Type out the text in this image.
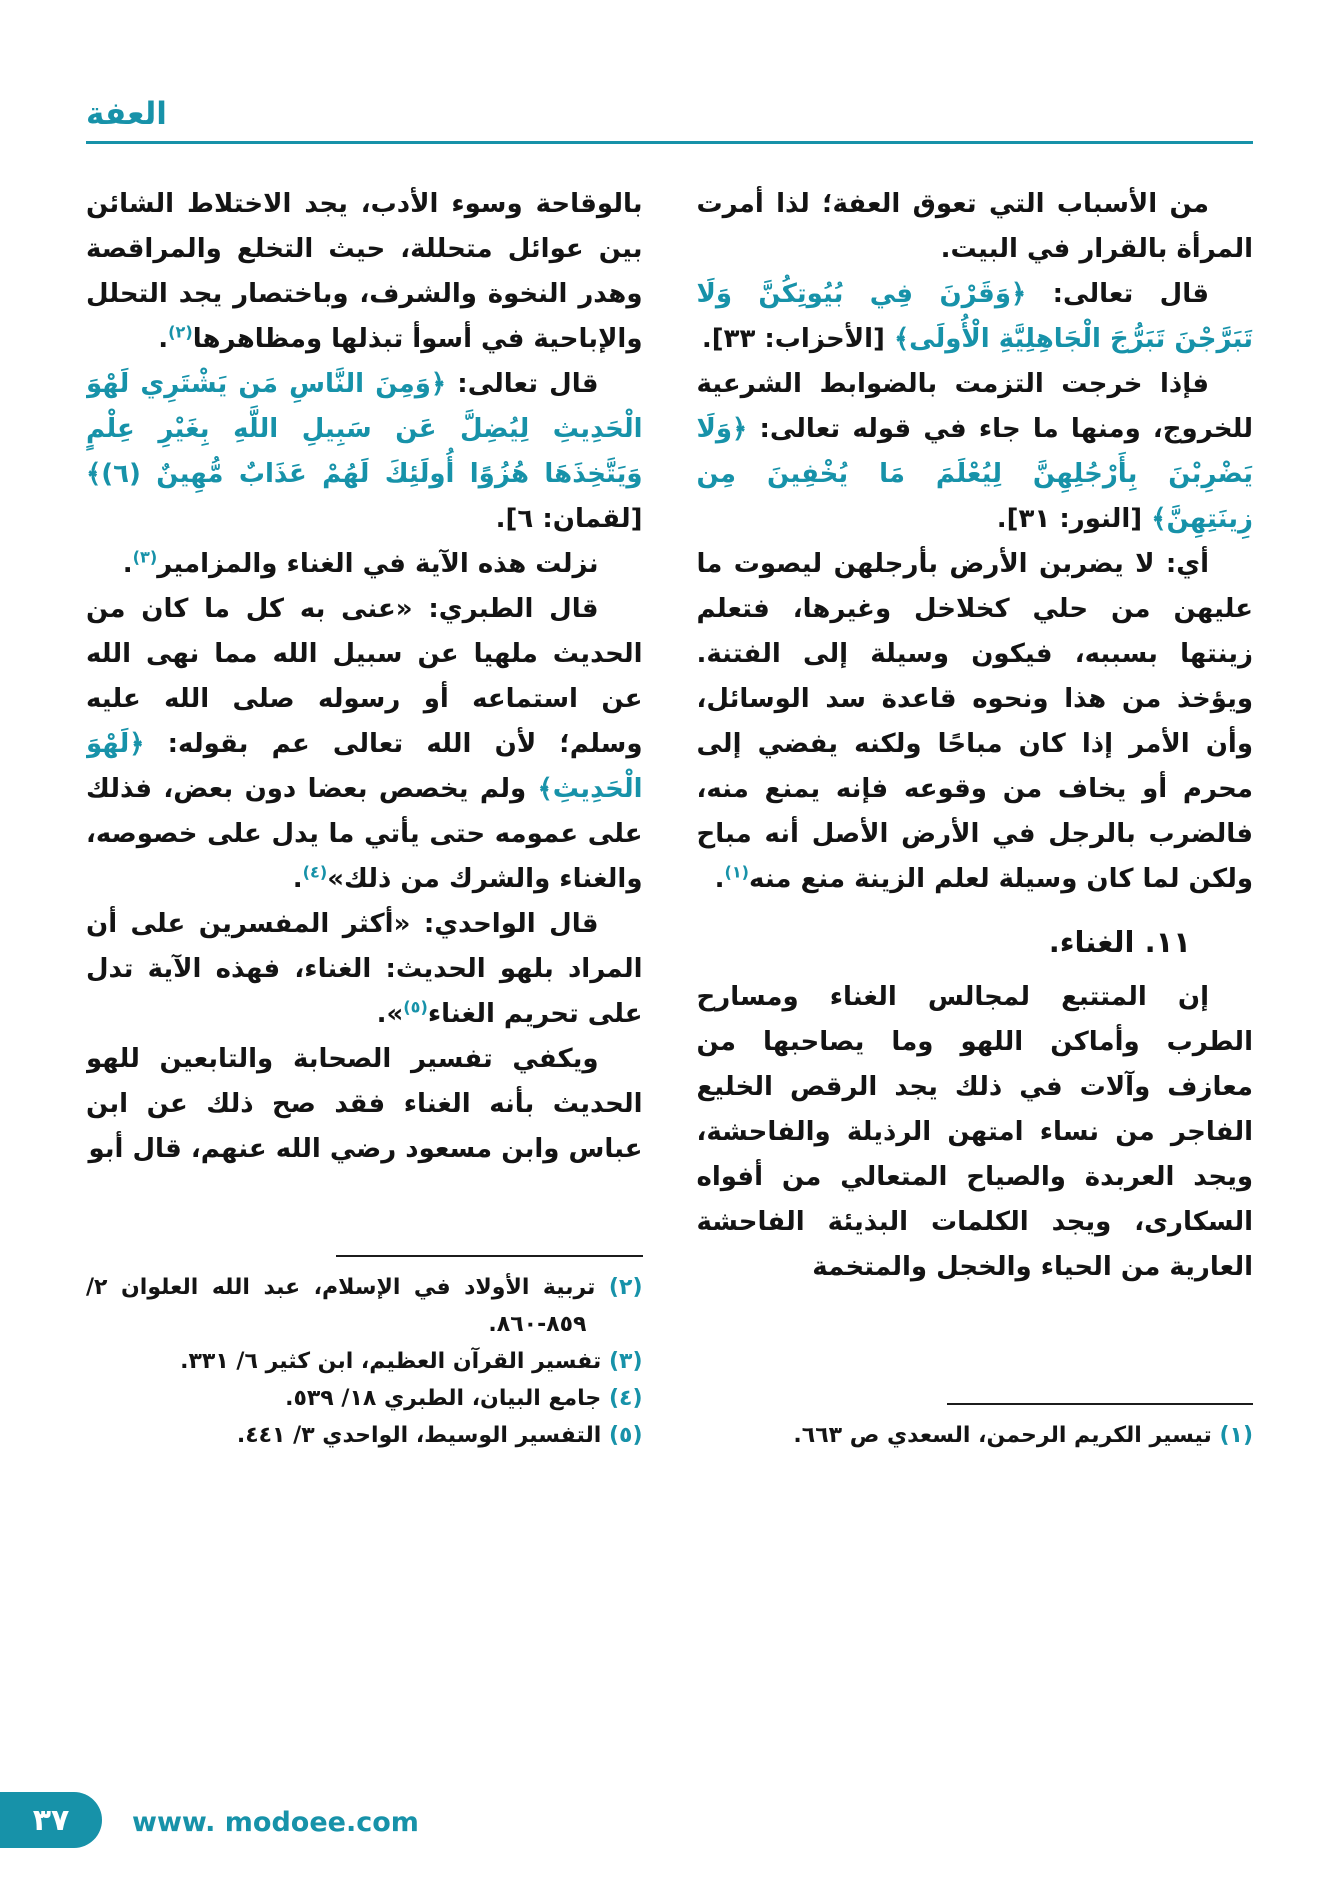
العفة

من الأسباب التي تعوق العفة؛ لذا أمرت المرأة بالقرار في البيت.

قال تعالى: ﴿وَقَرْنَ فِي بُيُوتِكُنَّ وَلَا تَبَرَّجْنَ تَبَرُّجَ الْجَاهِلِيَّةِ الْأُولَى﴾ [الأحزاب: ٣٣].

فإذا خرجت التزمت بالضوابط الشرعية للخروج، ومنها ما جاء في قوله تعالى: ﴿وَلَا يَضْرِبْنَ بِأَرْجُلِهِنَّ لِيُعْلَمَ مَا يُخْفِينَ مِن زِينَتِهِنَّ﴾ [النور: ٣١].

أي: لا يضربن الأرض بأرجلهن ليصوت ما عليهن من حلي كخلاخل وغيرها، فتعلم زينتها بسببه، فيكون وسيلة إلى الفتنة. ويؤخذ من هذا ونحوه قاعدة سد الوسائل، وأن الأمر إذا كان مباحًا ولكنه يفضي إلى محرم أو يخاف من وقوعه فإنه يمنع منه، فالضرب بالرجل في الأرض الأصل أنه مباح ولكن لما كان وسيلة لعلم الزينة منع منه$^{(١)}$.

١١. الغناء.

إن المتتبع لمجالس الغناء ومسارح الطرب وأماكن اللهو وما يصاحبها من معازف وآلات في ذلك يجد الرقص الخليع الفاجر من نساء امتهن الرذيلة والفاحشة، ويجد العربدة والصياح المتعالي من أفواه السكارى، ويجد الكلمات البذيئة الفاحشة العارية من الحياء والخجل والمتخمة

(١) تيسير الكريم الرحمن، السعدي ص ٦٦٣.

بالوقاحة وسوء الأدب، يجد الاختلاط الشائن بين عوائل متحللة، حيث التخلع والمراقصة وهدر النخوة والشرف، وباختصار يجد التحلل والإباحية في أسوأ تبذلها ومظاهرها$^{(٢)}$.

قال تعالى: ﴿وَمِنَ النَّاسِ مَن يَشْتَرِي لَهْوَ الْحَدِيثِ لِيُضِلَّ عَن سَبِيلِ اللَّهِ بِغَيْرِ عِلْمٍ وَيَتَّخِذَهَا هُزُوًا أُولَئِكَ لَهُمْ عَذَابٌ مُّهِينٌ (٦)﴾ [لقمان: ٦].

نزلت هذه الآية في الغناء والمزامير$^{(٣)}$.

قال الطبري: «عنى به كل ما كان من الحديث ملهيا عن سبيل الله مما نهى الله عن استماعه أو رسوله صلى الله عليه وسلم؛ لأن الله تعالى عم بقوله: ﴿لَهْوَ الْحَدِيثِ﴾ ولم يخصص بعضا دون بعض، فذلك على عمومه حتى يأتي ما يدل على خصوصه، والغناء والشرك من ذلك»$^{(٤)}$.

قال الواحدي: «أكثر المفسرين على أن المراد بلهو الحديث: الغناء، فهذه الآية تدل على تحريم الغناء$^{(٥)}$».

ويكفي تفسير الصحابة والتابعين للهو الحديث بأنه الغناء فقد صح ذلك عن ابن عباس وابن مسعود رضي الله عنهم، قال أبو

(٢) تربية الأولاد في الإسلام، عبد الله العلوان ٢/ ٨٥٩-٨٦٠.

(٣) تفسير القرآن العظيم، ابن كثير ٦/ ٣٣١.

(٤) جامع البيان، الطبري ١٨/ ٥٣٩.

(٥) التفسير الوسيط، الواحدي ٣/ ٤٤١.

٣٧ www. modoee.com
